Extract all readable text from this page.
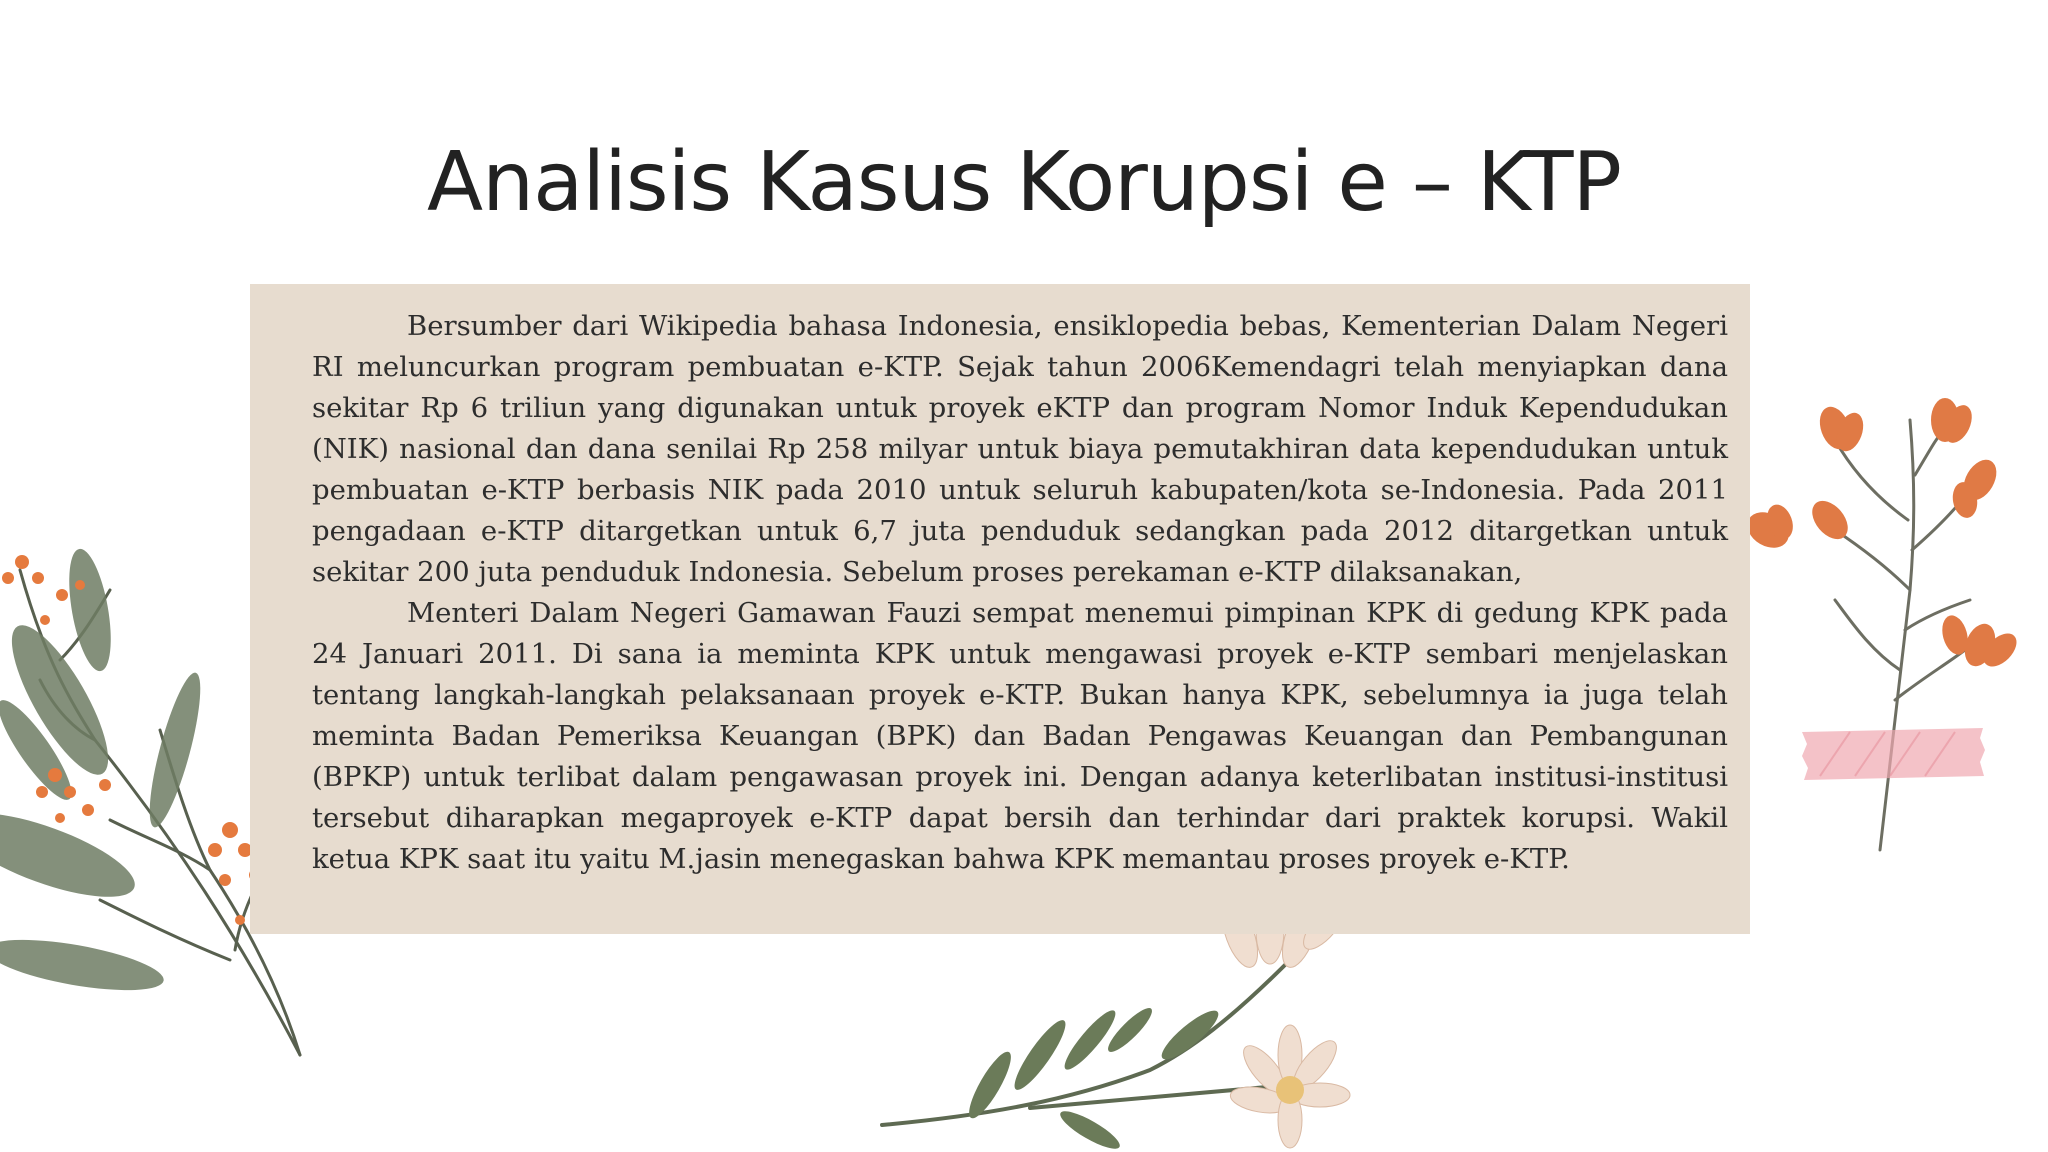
Analisis Kasus Korupsi e – KTP

Bersumber dari Wikipedia bahasa Indonesia, ensiklopedia bebas, Kementerian Dalam Negeri RI meluncurkan program pembuatan e-KTP. Sejak tahun 2006Kemendagri telah menyiapkan dana sekitar Rp 6 triliun yang digunakan untuk proyek eKTP dan program Nomor Induk Kependudukan (NIK) nasional dan dana senilai Rp 258 milyar untuk biaya pemutakhiran data kependudukan untuk pembuatan e-KTP berbasis NIK pada 2010 untuk seluruh kabupaten/kota se-Indonesia. Pada 2011 pengadaan e-KTP ditargetkan untuk 6,7 juta penduduk sedangkan pada 2012 ditargetkan untuk sekitar 200 juta penduduk Indonesia. Sebelum proses perekaman e-KTP dilaksanakan,

Menteri Dalam Negeri Gamawan Fauzi sempat menemui pimpinan KPK di gedung KPK pada 24 Januari 2011. Di sana ia meminta KPK untuk mengawasi proyek e-KTP sembari menjelaskan tentang langkah-langkah pelaksanaan proyek e-KTP. Bukan hanya KPK, sebelumnya ia juga telah meminta Badan Pemeriksa Keuangan (BPK) dan Badan Pengawas Keuangan dan Pembangunan (BPKP) untuk terlibat dalam pengawasan proyek ini. Dengan adanya keterlibatan institusi-institusi tersebut diharapkan megaproyek e-KTP dapat bersih dan terhindar dari praktek korupsi. Wakil ketua KPK saat itu yaitu M.jasin menegaskan bahwa KPK memantau proses proyek e-KTP.
